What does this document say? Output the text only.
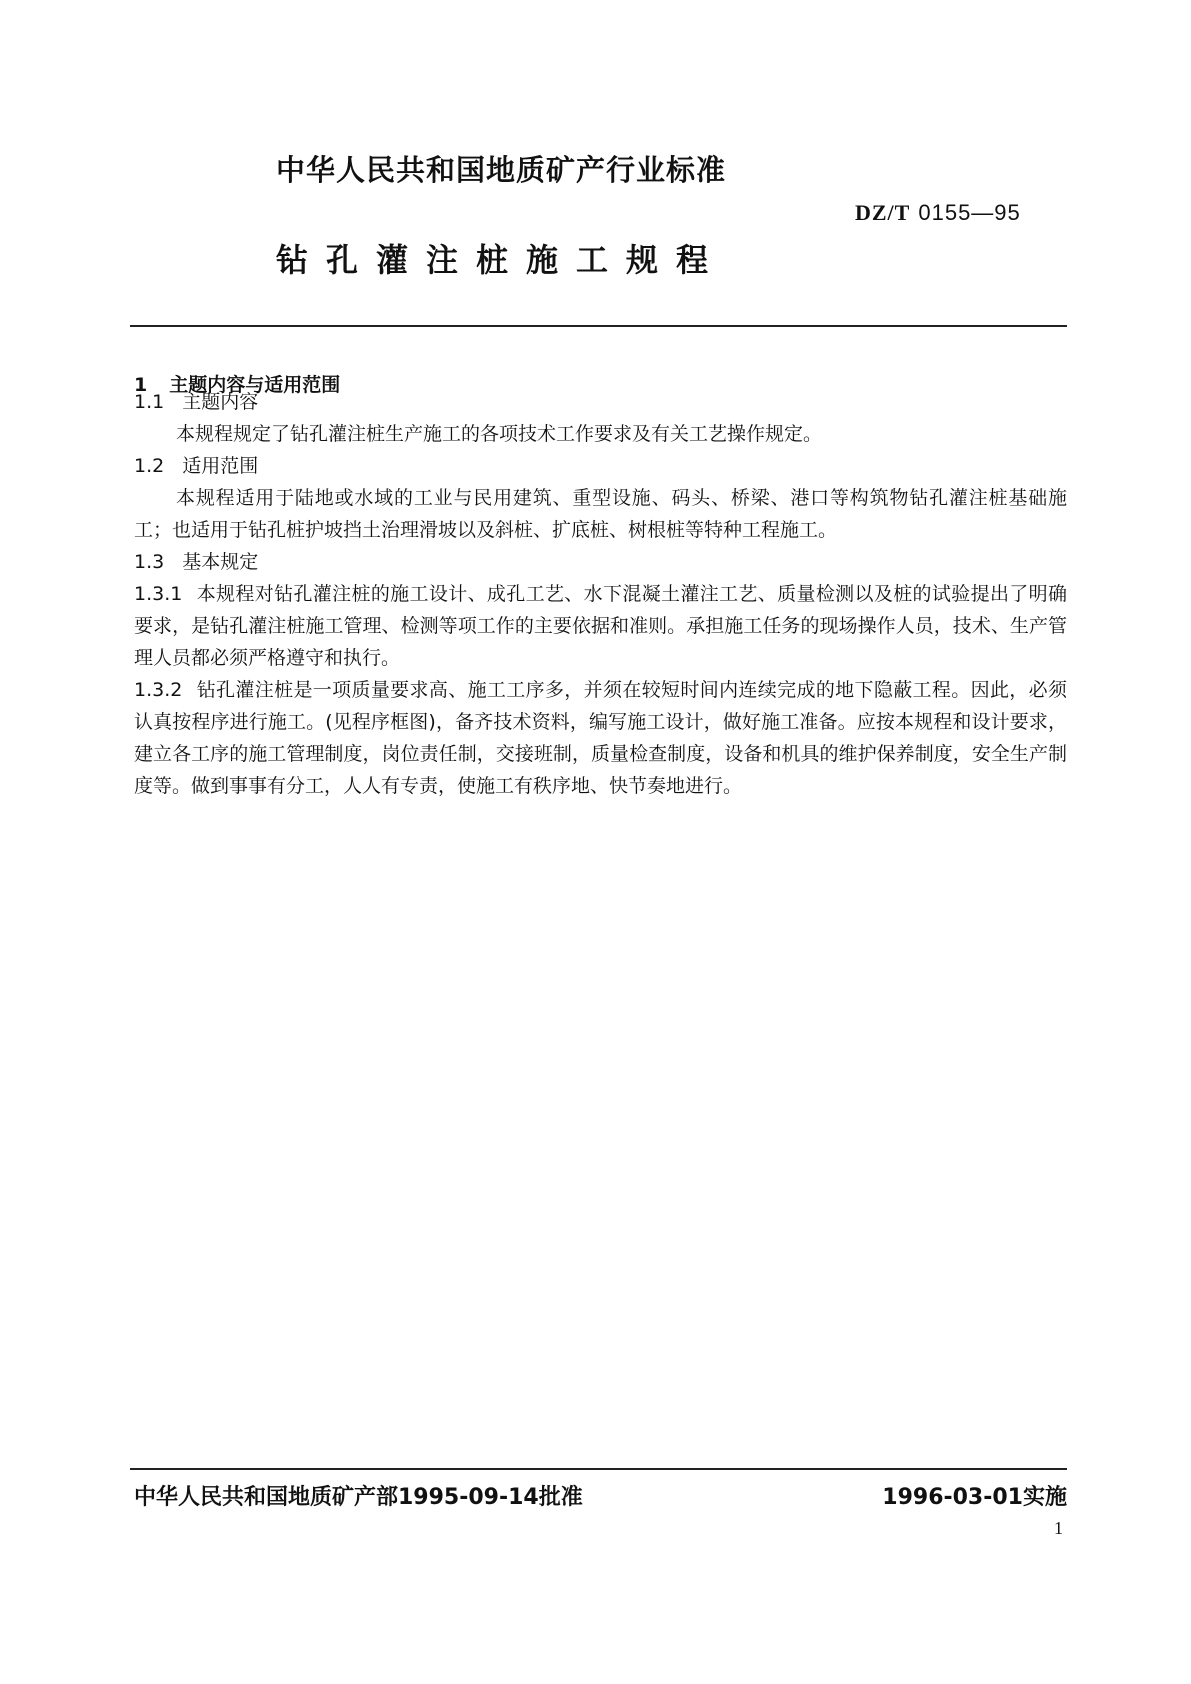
中华人民共和国地质矿产行业标准
DZ/T 0155—95
钻孔灌注桩施工规程
1 主题内容与适用范围
1.1 主题内容
本规程规定了钻孔灌注桩生产施工的各项技术工作要求及有关工艺操作规定。
1.2 适用范围
本规程适用于陆地或水域的工业与民用建筑、重型设施、码头、桥梁、港口等构筑物钻孔灌注桩基础施工；也适用于钻孔桩护坡挡土治理滑坡以及斜桩、扩底桩、树根桩等特种工程施工。
1.3 基本规定
1.3.1 本规程对钻孔灌注桩的施工设计、成孔工艺、水下混凝土灌注工艺、质量检测以及桩的试验提出了明确要求，是钻孔灌注桩施工管理、检测等项工作的主要依据和准则。承担施工任务的现场操作人员，技术、生产管理人员都必须严格遵守和执行。
1.3.2 钻孔灌注桩是一项质量要求高、施工工序多，并须在较短时间内连续完成的地下隐蔽工程。因此，必须认真按程序进行施工。(见程序框图)，备齐技术资料，编写施工设计，做好施工准备。应按本规程和设计要求，建立各工序的施工管理制度，岗位责任制，交接班制，质量检查制度，设备和机具的维护保养制度，安全生产制度等。做到事事有分工，人人有专责，使施工有秩序地、快节奏地进行。
中华人民共和国地质矿产部1995-09-14批准	1996-03-01实施
1
